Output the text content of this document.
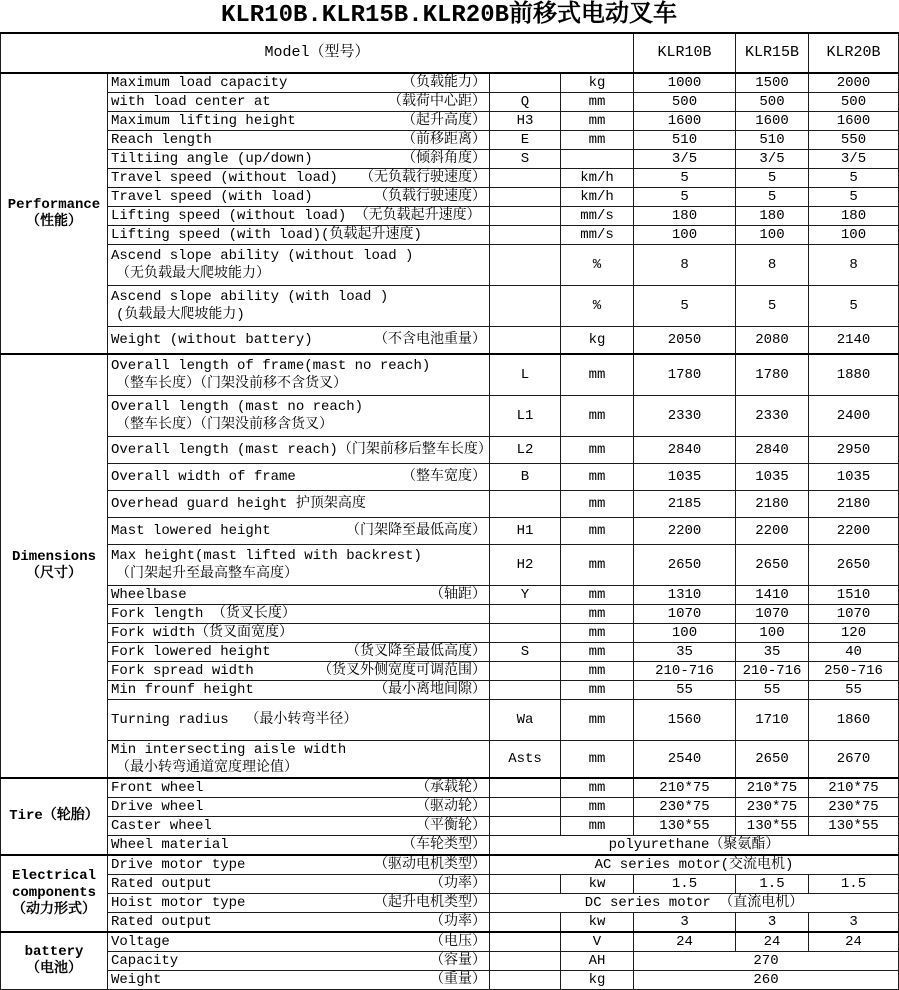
KLR10B.KLR15B.KLR20B前移式电动叉车
Model（型号）				KLR10B	KLR15B	KLR20B

Performance
（性能）

Maximum load capacity	（负载能力）		kg	1000	1500	2000

	with load center at （载荷中心距）	Q	mm	500	500	500

	Maximum lifting height （起升高度）	H3	mm	1600	1600	1600

	Reach length （前移距离）	E	mm	510	510	550

	Tiltiing angle (up/down) （倾斜角度）	S		3/5	3/5	3/5

	Travel speed (without load) （无负载行驶速度）		km/h	5	5	5

	Travel speed (with load) （负载行驶速度）		km/h	5	5	5
	Lifting speed (without load) （无负载起升速度）		mm/s	180	180	180
	Lifting speed (with load)(负载起升速度)		mm/s	100	100	100

	Ascend slope ability (without load )
（无负载最大爬坡能力）		%	8	8	8

	Ascend slope ability (with load )
(负载最大爬坡能力)		%	5	5	5

	Weight (without battery) （不含电池重量）		kg	2050	2080	2140

Dimensions
（尺寸）

Overall length of frame(mast no reach)
（整车长度）（门架没前移不含货叉）
	L	mm	1780	1780	1880

	Overall length (mast no reach)
（整车长度）（门架没前移含货叉）	L1	mm	2330	2330	2400
	Overall length (mast reach)（门架前移后整车长度）	L2	mm	2840	2840	2950

	Overall width of frame （整车宽度）	B	mm	1035	1035	1035
	Overhead guard height 护顶架高度		mm	2185	2180	2180

	Mast lowered height （门架降至最低高度）	H1	mm	2200	2200	2200

	Max height(mast lifted with backrest)
（门架起升至最高整车高度）	H2	mm	2650	2650	2650

	Wheelbase （轴距）	Y	mm	1310	1410	1510
	Fork length （货叉长度）		mm	1070	1070	1070
	Fork width（货叉面宽度）		mm	100	100	120

	Fork lowered height （货叉降至最低高度）	S	mm	35	35	40

	Fork spread width （货叉外侧宽度可调范围）		mm	210-716	210-716	250-716

	Min frounf height （最小离地间隙）		mm	55	55	55
	Turning radius  （最小转弯半径）	Wa	mm	1560	1710	1860

	Min intersecting aisle width
（最小转弯通道宽度理论值）	Asts	mm	2540	2650	2670

Tire（轮胎）	Front wheel （承载轮）		mm	210*75	210*75	210*75

	Drive wheel （驱动轮）		mm	230*75	230*75	230*75

	Caster wheel （平衡轮）		mm	130*55	130*55	130*55

	Wheel material （车轮类型）	polyurethane（聚氨酯）				

Electrical
components
（动力形式）

Drive motor type	（驱动电机类型）	AC series motor(交流电机)

	Rated output （功率）		kw	1.5	1.5	1.5

	Hoist motor type （起升电机类型）	DC series motor （直流电机）				

	Rated output （功率）		kw	3	3	3

battery
（电池）

Voltage	（电压）		V	24	24	24

	Capacity （容量）		AH	270		

	Weight （重量）		kg	260		
